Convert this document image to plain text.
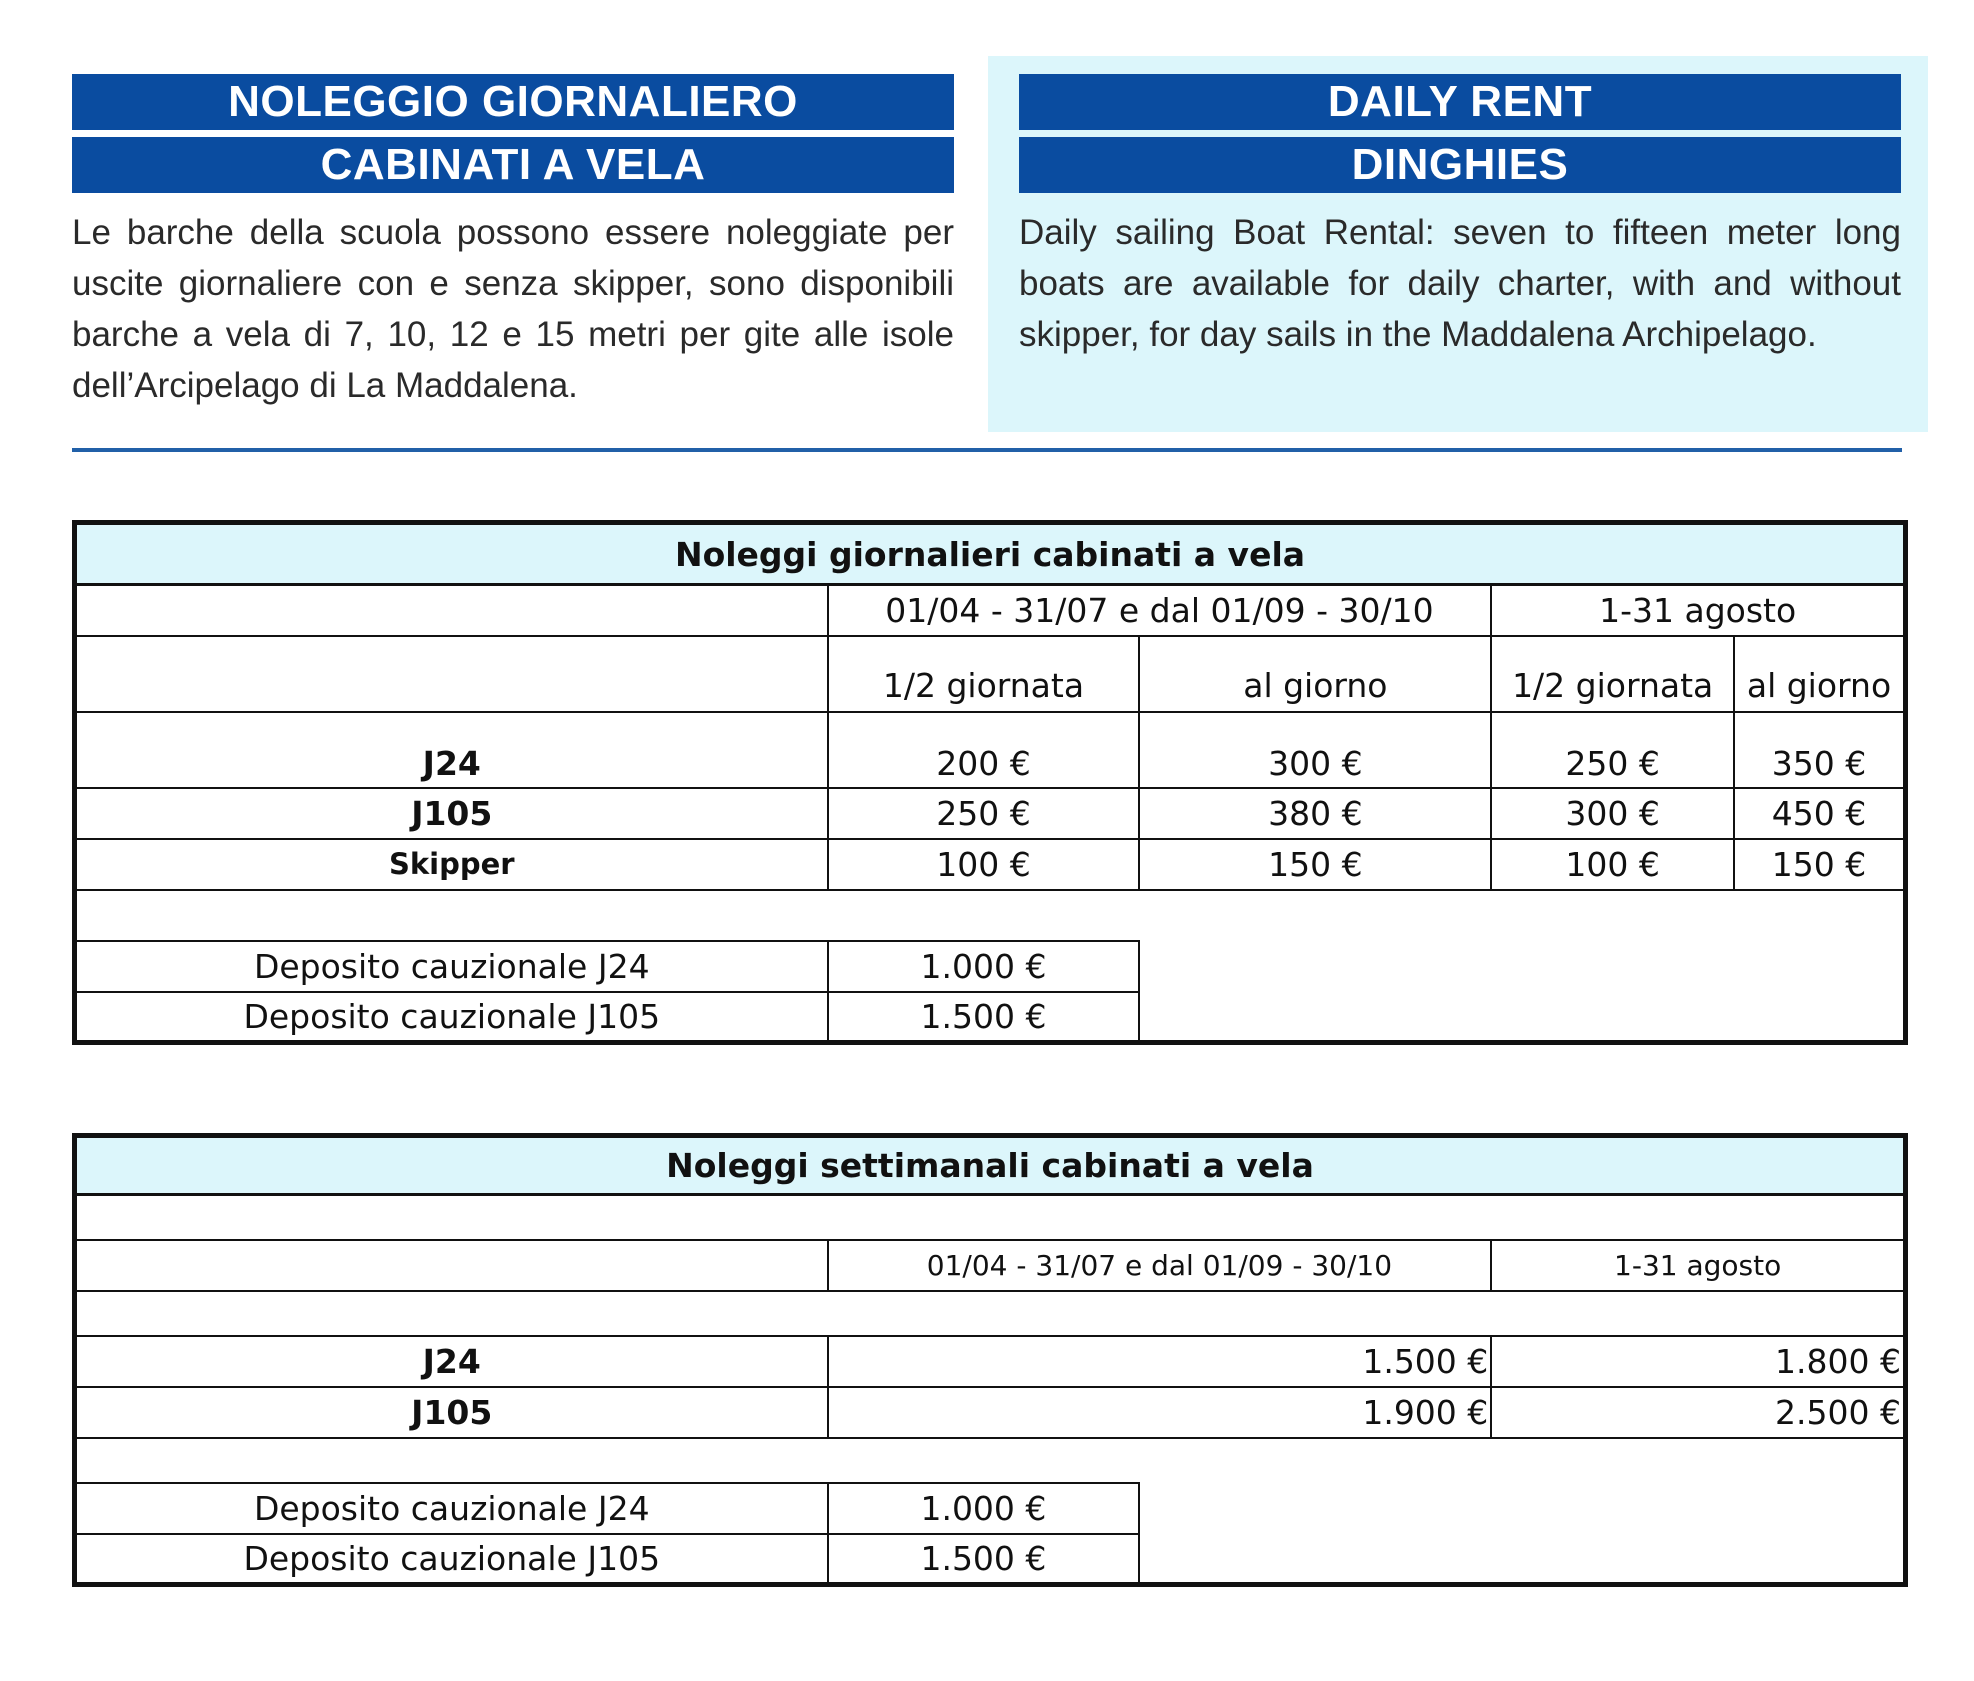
NOLEGGIO GIORNALIERO
CABINATI A VELA
Le barche della scuola possono essere noleggiate per uscite giornaliere con e senza skipper, sono disponibili barche a vela di 7, 10, 12 e 15 metri per gite alle isole dell’Arcipelago di La Maddalena.
DAILY RENT
DINGHIES
Daily sailing Boat Rental: seven to fifteen meter long boats are available for daily charter, with and without skipper, for day sails in the Maddalena Archipelago.
Noleggi giornalieri cabinati a vela				
	01/04 - 31/07 e dal 01/09 - 30/10		1-31 agosto	
	1/2 giornata	al giorno	1/2 giornata	al giorno
J24	200 €	300 €	250 €	350 €
J105	250 €	380 €	300 €	450 €
Skipper	100 €	150 €	100 €	150 €

Deposito cauzionale J24	1.000 €			
Deposito cauzionale J105	1.500 €			
Noleggi settimanali cabinati a vela			

	01/04 - 31/07 e dal 01/09 - 30/10		1-31 agosto

J24	1.500 €		1.800 €
J105	1.900 €		2.500 €

Deposito cauzionale J24	1.000 €		
Deposito cauzionale J105	1.500 €		
